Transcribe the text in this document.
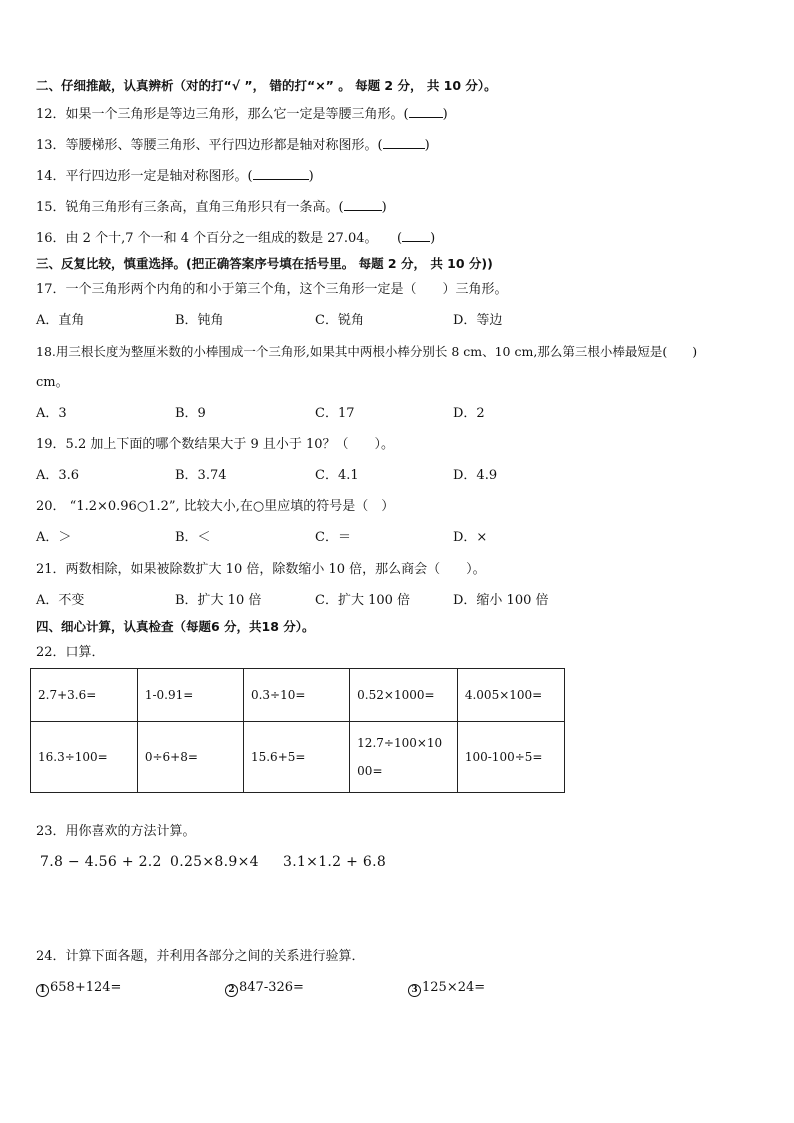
二、仔细推敲，认真辨析（对的打“√ ”， 错的打“×” 。 每题 2 分， 共 10 分）。
12．如果一个三角形是等边三角形，那么它一定是等腰三角形。(	)
13．等腰梯形、等腰三角形、平行四边形都是轴对称图形。(	)
14．平行四边形一定是轴对称图形。(	)
15．锐角三角形有三条高，直角三角形只有一条高。(	)
16．由 2 个十,7 个一和 4 个百分之一组成的数是 27.04。　　( )
三、反复比较，慎重选择。(把正确答案序号填在括号里。 每题 2 分， 共 10 分))
17．一个三角形两个内角的和小于第三个角，这个三角形一定是（　　）三角形。
A．直角	B．钝角	C．锐角	D．等边
18.用三根长度为整厘米数的小棒围成一个三角形,如果其中两根小棒分别长 8 cm、10 cm,那么第三根小棒最短是(　　)
cm。
A．3	B．9	C．17	D．2
19．5.2 加上下面的哪个数结果大于 9 且小于 10？（　　）。
A．3.6	B．3.74	C．4.1	D．4.9
20． “1.2×0.96○1.2”, 比较大小,在○里应填的符号是（　）
A．＞	B．＜	C．＝	D．×
21．两数相除，如果被除数扩大 10 倍，除数缩小 10 倍，那么商会（　　）。
A．不变	B．扩大 10 倍	C．扩大 100 倍	D．缩小 100 倍
四、细心计算，认真检查（每题6 分，共18 分）。
22．口算．
2.7+3.6=	1-0.91=	0.3÷10=	0.52×1000=	4.005×100=
16.3÷100=	0÷6+8=	15.6+5=	12.7÷100×1000=	100-100÷5=
23．用你喜欢的方法计算。
7.8 − 4.56 + 2.2 0.25×8.9×4 3.1×1.2 + 6.8
24．计算下面各题，并利用各部分之间的关系进行验算．
1 658+124=	2 847-326=	3 125×24=
